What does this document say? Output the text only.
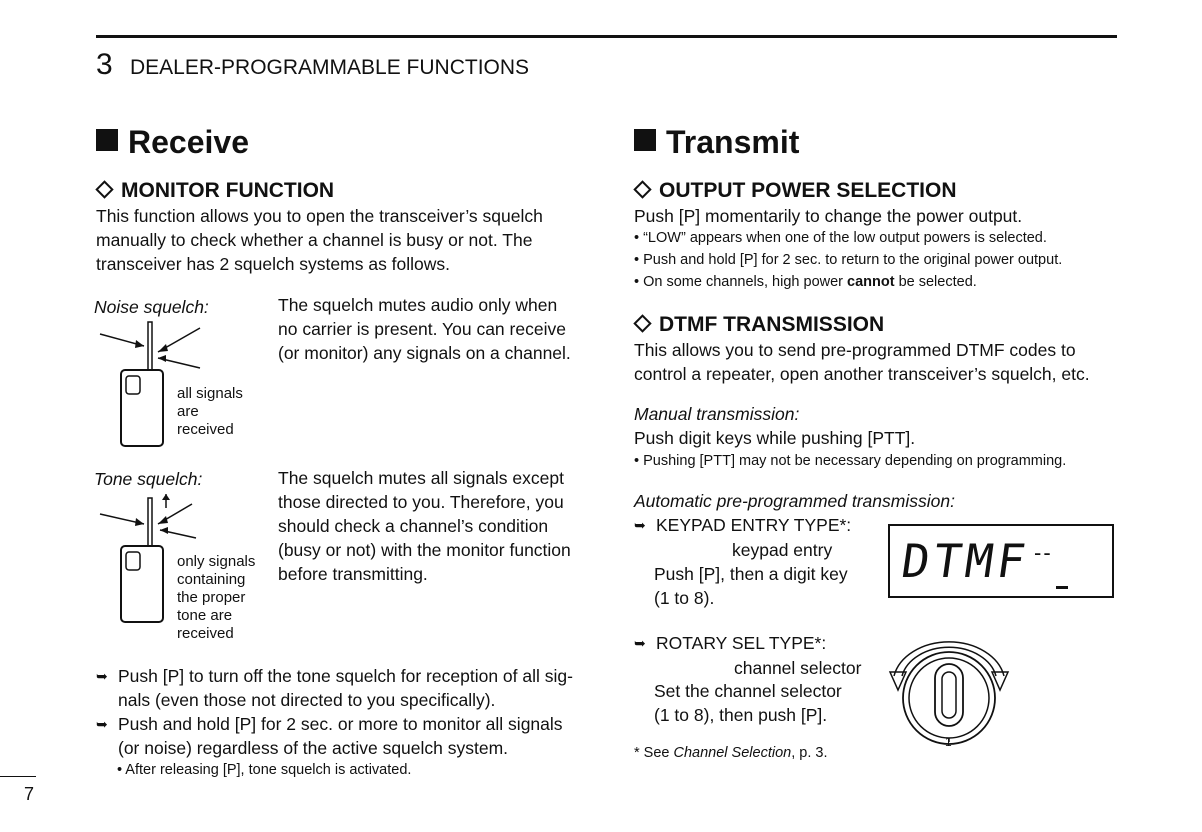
3 DEALER-PROGRAMMABLE FUNCTIONS
Receive
MONITOR FUNCTION
This function allows you to open the transceiver’s squelch
manually to check whether a channel is busy or not. The
transceiver has 2 squelch systems as follows.
Noise squelch:	The squelch mutes audio only when
no carrier is present. You can receive
(or monitor) any signals on a channel.
all signals
are
received
Tone squelch:	The squelch mutes all signals except
those directed to you. Therefore, you
should check a channel’s condition
(busy or not) with the monitor function
before transmitting.
only signals
containing
the proper
tone are
received
➥ Push [P] to turn off the tone squelch for reception of all sig-
nals (even those not directed to you specifically).
➥ Push and hold [P] for 2 sec. or more to monitor all signals
(or noise) regardless of the active squelch system.
• After releasing [P], tone squelch is activated.
Transmit
OUTPUT POWER SELECTION
Push [P] momentarily to change the power output.
• “LOW” appears when one of the low output powers is selected.
• Push and hold [P] for 2 sec. to return to the original power output.
• On some channels, high power cannot be selected.
DTMF TRANSMISSION
This allows you to send pre-programmed DTMF codes to
control a repeater, open another transceiver’s squelch, etc.
Manual transmission:
Push digit keys while pushing [PTT].
• Pushing [PTT] may not be necessary depending on programming.
Automatic pre-programmed transmission:
➥ KEYPAD ENTRY TYPE*:
keypad entry
Push [P], then a digit key
(1 to 8).
DTMF --
➥ ROTARY SEL TYPE*:
channel selector
Set the channel selector
(1 to 8), then push [P].
1
* See Channel Selection, p. 3.
7
